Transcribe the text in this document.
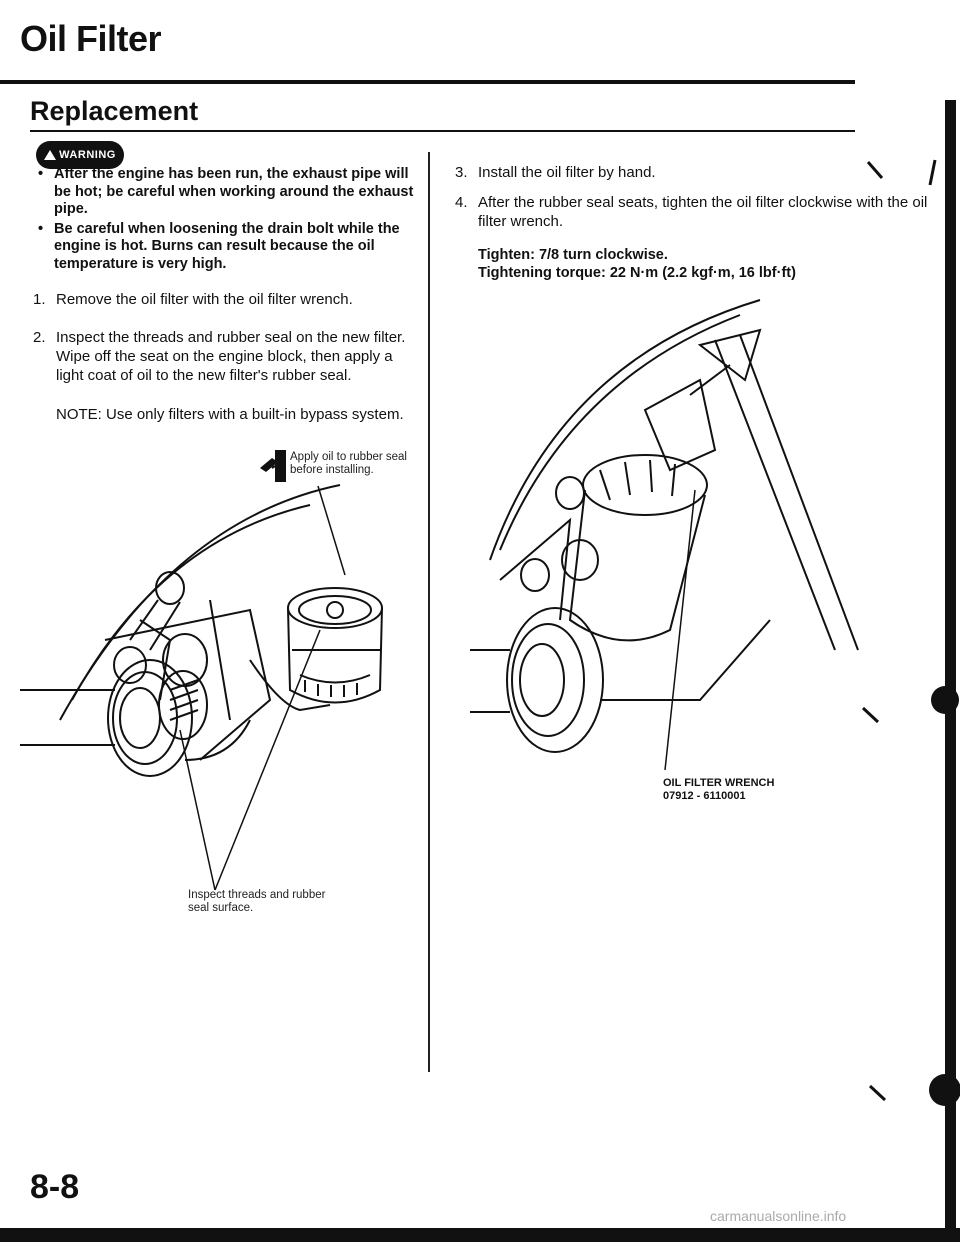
Oil Filter
Replacement
WARNING
• After the engine has been run, the exhaust pipe will be hot; be careful when working around the exhaust pipe.
• Be careful when loosening the drain bolt while the engine is hot. Burns can result because the oil temperature is very high.
1. Remove the oil filter with the oil filter wrench.
2. Inspect the threads and rubber seal on the new filter. Wipe off the seat on the engine block, then apply a light coat of oil to the new filter's rubber seal.
NOTE: Use only filters with a built-in bypass system.
Apply oil to rubber seal before installing.
Inspect threads and rubber seal surface.
3. Install the oil filter by hand.
4. After the rubber seal seats, tighten the oil filter clockwise with the oil filter wrench.
Tighten: 7/8 turn clockwise.
Tightening torque: 22 N·m (2.2 kgf·m, 16 lbf·ft)
OIL FILTER WRENCH
07912 - 6110001
8-8
carmanualsonline.info
